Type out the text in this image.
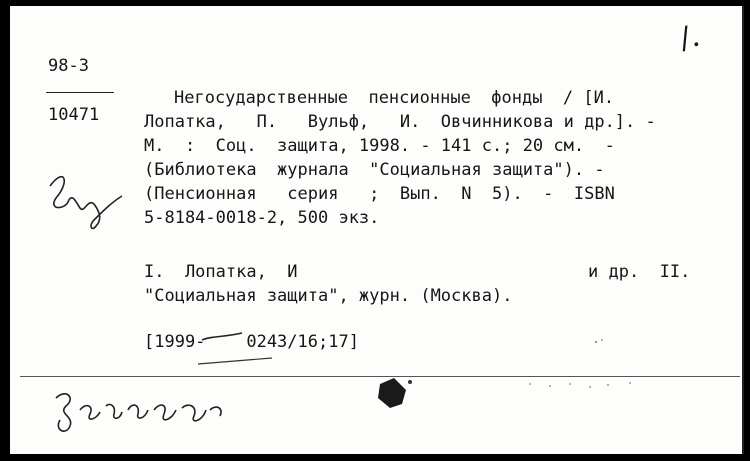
98-3
10471
/.
Негосударственные  пенсионные  фонды  / [И.
Лопатка,   П.   Вульф,   И.  Овчинникова и др.]. -
М.  :  Соц.  защита, 1998. - 141 с.; 20 см.  -
(Библиотека  журнала  "Социальная защита"). -
(Пенсионная   серия   ;  Вып.  N  5).  -  ISBN
5-8184-0018-2, 500 экз.
I.  Лопатка,  И	и др.  II.
"Социальная защита", журн. (Москва).
[1999-    0243/16;17]
